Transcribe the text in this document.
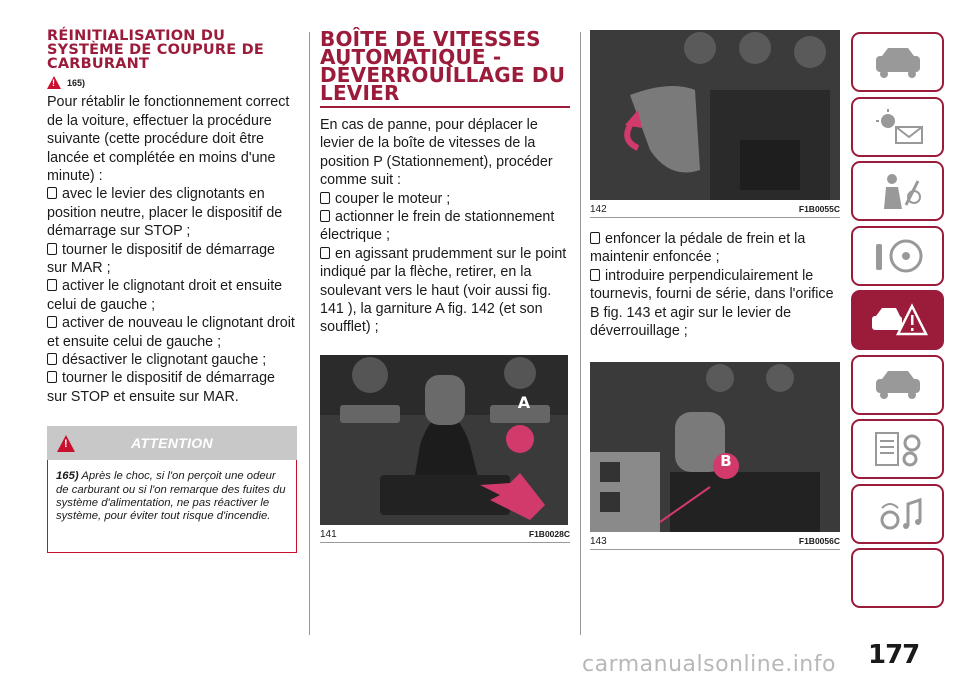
RÉINITIALISATION DU SYSTÈME DE COUPURE DE CARBURANT
!
165)

Pour rétablir le fonctionnement correct de la voiture, effectuer la procédure suivante (cette procédure doit être lancée et complétée en moins d'une minute) :

avec le levier des clignotants en position neutre, placer le dispositif de démarrage sur STOP ;

tourner le dispositif de démarrage sur MAR ;

activer le clignotant droit et ensuite celui de gauche ;

activer de nouveau le clignotant droit et ensuite celui de gauche ;

désactiver le clignotant gauche ;

tourner le dispositif de démarrage sur STOP et ensuite sur MAR.

!
ATTENTION

165) Après le choc, si l'on perçoit une odeur de carburant ou si l'on remarque des fuites du système d'alimentation, ne pas réactiver le système, pour éviter tout risque d'incendie.

BOÎTE DE VITESSES AUTOMATIQUE - DÉVERROUILLAGE DU LEVIER

En cas de panne, pour déplacer le levier de la boîte de vitesses de la position P (Stationnement), procéder comme suit :

couper le moteur ;

actionner le frein de stationnement électrique ;

en agissant prudemment sur le point indiqué par la flèche, retirer, en la soulevant vers le haut (voir aussi fig. 141 ), la garniture A fig. 142 (et son soufflet) ;

141	F1B0028C
142	F1B0055C

enfoncer la pédale de frein et la maintenir enfoncée ;

introduire perpendiculairement le tournevis, fourni de série, dans l'orifice B fig. 143 et agir sur le levier de déverrouillage ;

143	F1B0056C
A
B
177
carmanualsonline.info
